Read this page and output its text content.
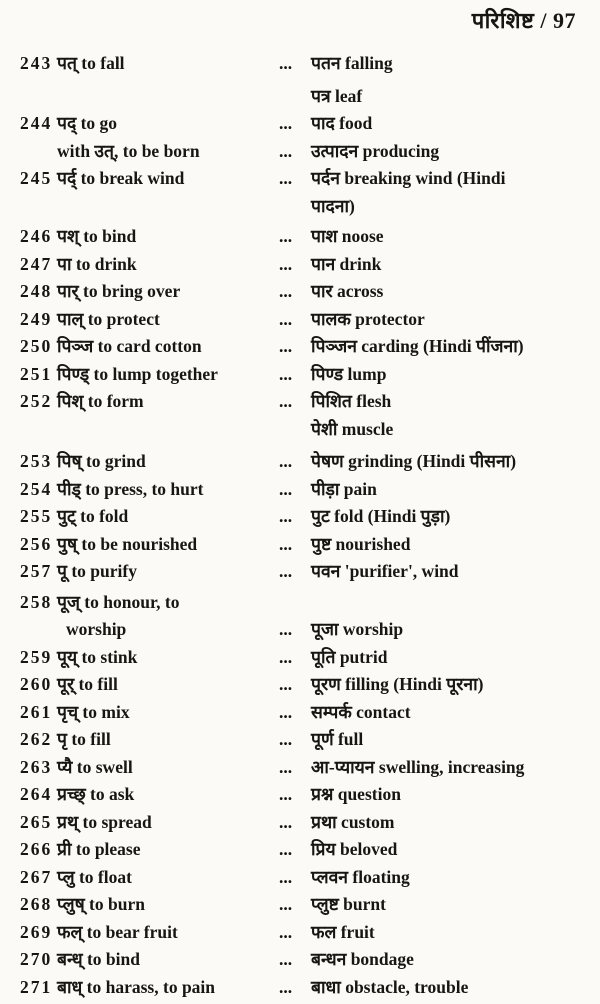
परिशिष्ट / 97
243 पत् to fall	...	पतन falling
पत्र leaf
244 पद् to go	...	पाद food
with उत्, to be born	...	उत्पादन producing
245 पर्द् to break wind	...	पर्दन breaking wind (Hindi
पादना)
246 पश् to bind	...	पाश noose
247 पा to drink	...	पान drink
248 पार् to bring over	...	पार across
249 पाल् to protect	...	पालक protector
250 पिञ्ज to card cotton	...	पिञ्जन carding (Hindi पींजना)
251 पिण्ड् to lump together	...	पिण्ड lump
252 पिश् to form	...	पिशित flesh
पेशी muscle
253 पिष् to grind	...	पेषण grinding (Hindi पीसना)
254 पीड् to press, to hurt	...	पीड़ा pain
255 पुट् to fold	...	पुट fold (Hindi पुड़ा)
256 पुष् to be nourished	...	पुष्ट nourished
257 पू to purify	...	पवन 'purifier', wind
258 पूज् to honour, to
worship	...	पूजा worship
259 पूय् to stink	...	पूति putrid
260 पूर् to fill	...	पूरण filling (Hindi पूरना)
261 पृच् to mix	...	सम्पर्क contact
262 पृ to fill	...	पूर्ण full
263 प्यै to swell	...	आ-प्यायन swelling, increasing
264 प्रच्छ् to ask	...	प्रश्न question
265 प्रथ् to spread	...	प्रथा custom
266 प्री to please	...	प्रिय beloved
267 प्लु to float	...	प्लवन floating
268 प्लुष् to burn	...	प्लुष्ट burnt
269 फल् to bear fruit	...	फल fruit
270 बन्ध् to bind	...	बन्धन bondage
271 बाध् to harass, to pain	...	बाधा obstacle, trouble
